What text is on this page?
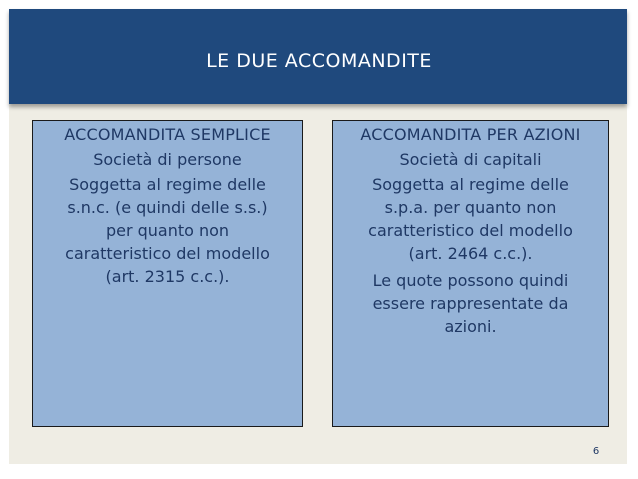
LE DUE ACCOMANDITE
ACCOMANDITA SEMPLICE
Società di persone
Soggetta al regime delle
s.n.c. (e quindi delle s.s.)
per quanto non
caratteristico del modello
(art. 2315 c.c.).
ACCOMANDITA PER AZIONI
Società di capitali
Soggetta al regime delle
s.p.a. per quanto non
caratteristico del modello
(art. 2464 c.c.).
Le quote possono quindi
essere rappresentate da
azioni.
6
